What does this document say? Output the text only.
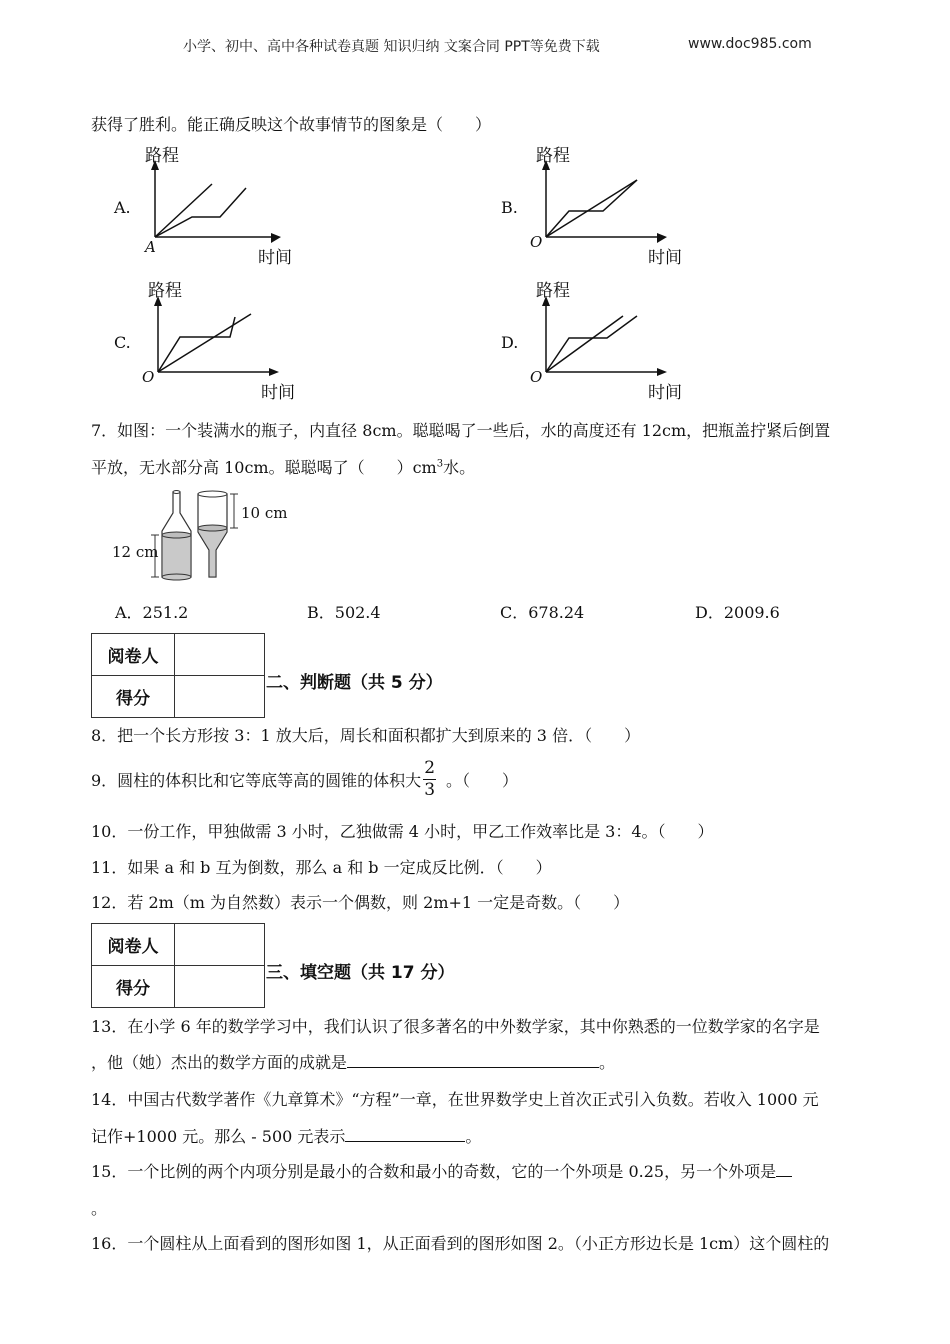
小学、初中、高中各种试卷真题 知识归纳 文案合同 PPT等免费下载	www.doc985.com
获得了胜利。能正确反映这个故事情节的图象是（　　）
A.
路程
时间
A
B.
路程
时间
O
C.
路程
时间
O
D.
路程
时间
O
7．如图：一个装满水的瓶子，内直径 8cm。聪聪喝了一些后，水的高度还有 12cm，把瓶盖拧紧后倒置
平放，无水部分高 10cm。聪聪喝了（　　）$cm^3$水。
10 cm
12 cm
A．251.2	B．502.4	C．678.24	D．2009.6
阅卷人	
得分	
二、判断题（共 5 分）
8．把一个长方形按 3：1 放大后，周长和面积都扩大到原来的 3 倍．（　　）
9．圆柱的体积比和它等底等高的圆锥的体积大 $\frac{2}{3}$ 。（　　）
10．一份工作，甲独做需 3 小时，乙独做需 4 小时，甲乙工作效率比是 3：4。（　　）
11．如果 a 和 b 互为倒数，那么 a 和 b 一定成反比例．（　　）
12．若 2m（m 为自然数）表示一个偶数，则 2m+1 一定是奇数。（　　）
阅卷人	
得分	
三、填空题（共 17 分）
13．在小学 6 年的数学学习中，我们认识了很多著名的中外数学家，其中你熟悉的一位数学家的名字是
，他（她）杰出的数学方面的成就是	。
14．中国古代数学著作《九章算术》“方程”一章，在世界数学史上首次正式引入负数。若收入 1000 元
记作+1000 元。那么 - 500 元表示	。
15．一个比例的两个内项分别是最小的合数和最小的奇数，它的一个外项是 0.25，另一个外项是
。
16．一个圆柱从上面看到的图形如图 1，从正面看到的图形如图 2。（小正方形边长是 1cm）这个圆柱的
